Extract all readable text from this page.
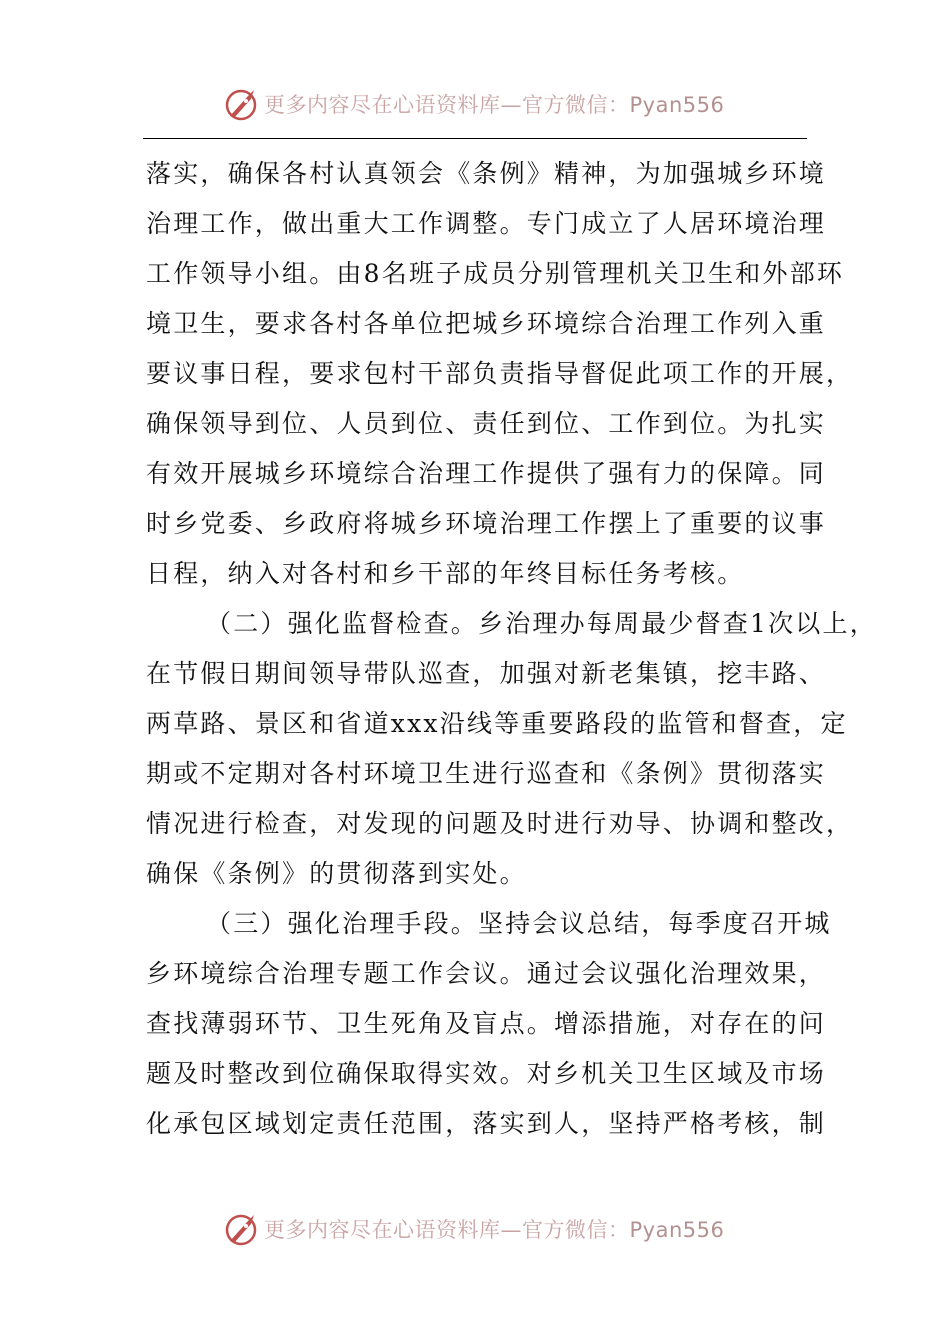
更多内容尽在心语资料库—官方微信：Pyan556
落实，确保各村认真领会《条例》精神，为加强城乡环境
治理工作，做出重大工作调整。专门成立了人居环境治理
工作领导小组。由8名班子成员分别管理机关卫生和外部环
境卫生，要求各村各单位把城乡环境综合治理工作列入重
要议事日程，要求包村干部负责指导督促此项工作的开展，
确保领导到位、人员到位、责任到位、工作到位。为扎实
有效开展城乡环境综合治理工作提供了强有力的保障。同
时乡党委、乡政府将城乡环境治理工作摆上了重要的议事
日程，纳入对各村和乡干部的年终目标任务考核。
（二）强化监督检查。乡治理办每周最少督查1次以上，
在节假日期间领导带队巡查，加强对新老集镇，挖丰路、
两草路、景区和省道xxx沿线等重要路段的监管和督查，定
期或不定期对各村环境卫生进行巡查和《条例》贯彻落实
情况进行检查，对发现的问题及时进行劝导、协调和整改，
确保《条例》的贯彻落到实处。
（三）强化治理手段。坚持会议总结，每季度召开城
乡环境综合治理专题工作会议。通过会议强化治理效果，
查找薄弱环节、卫生死角及盲点。增添措施，对存在的问
题及时整改到位确保取得实效。对乡机关卫生区域及市场
化承包区域划定责任范围，落实到人，坚持严格考核，制
更多内容尽在心语资料库—官方微信：Pyan556
